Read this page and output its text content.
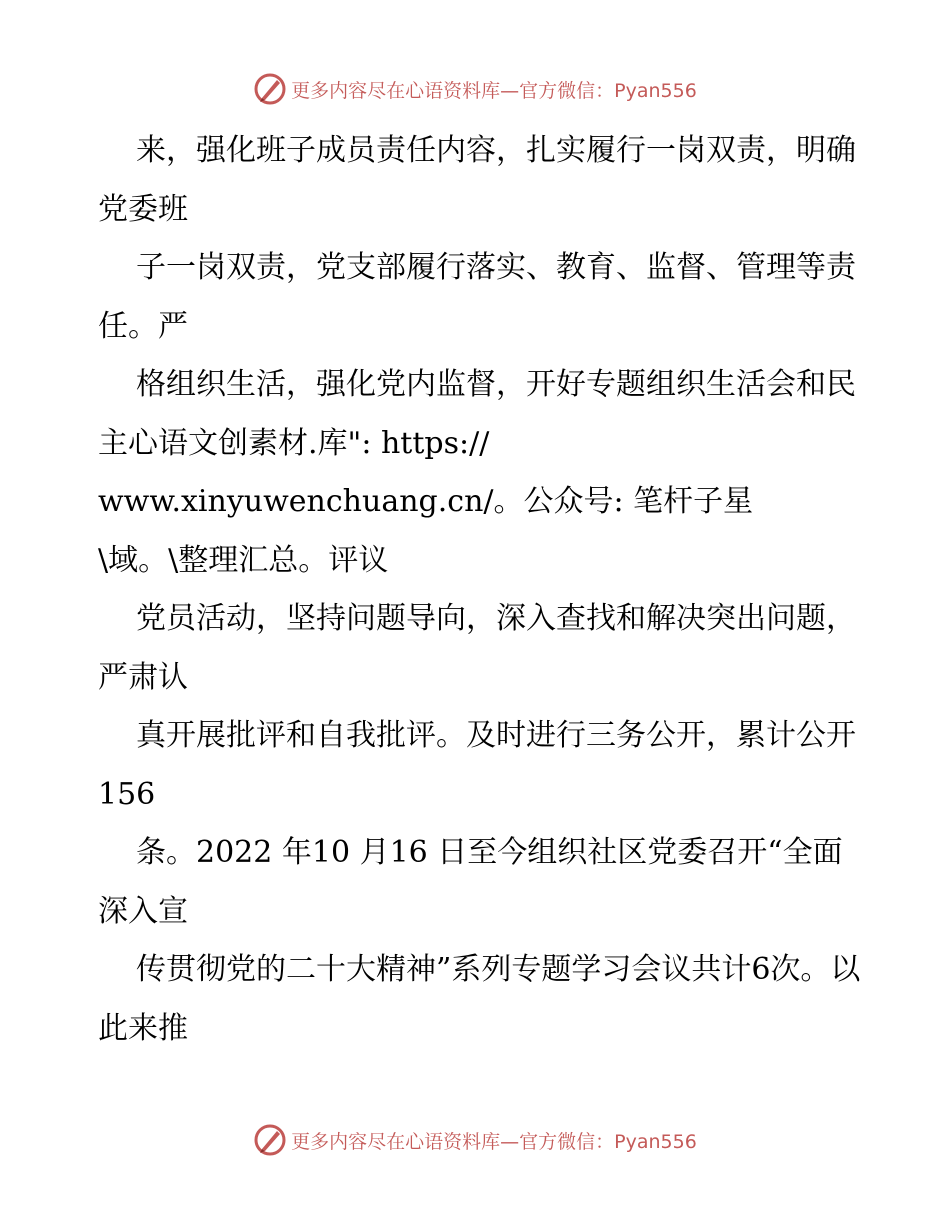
更多内容尽在心语资料库—官方微信：Pyan556

来，强化班子成员责任内容，扎实履行一岗双责，明确党委班

子一岗双责，党支部履行落实、教育、监督、管理等责任。严

格组织生活，强化党内监督，开好专题组织生活会和民主心语文创素材.库": https://
www.xinyuwenchuang.cn/。公众号: 笔杆子星
\域。\整理汇总。评议

党员活动，坚持问题导向，深入查找和解决突出问题，严肃认

真开展批评和自我批评。及时进行三务公开，累计公开 156

条。2022 年10 月16 日至今组织社区党委召开“全面深入宣

传贯彻党的二十大精神”系列专题学习会议共计6次。以此来推

更多内容尽在心语资料库—官方微信：Pyan556
